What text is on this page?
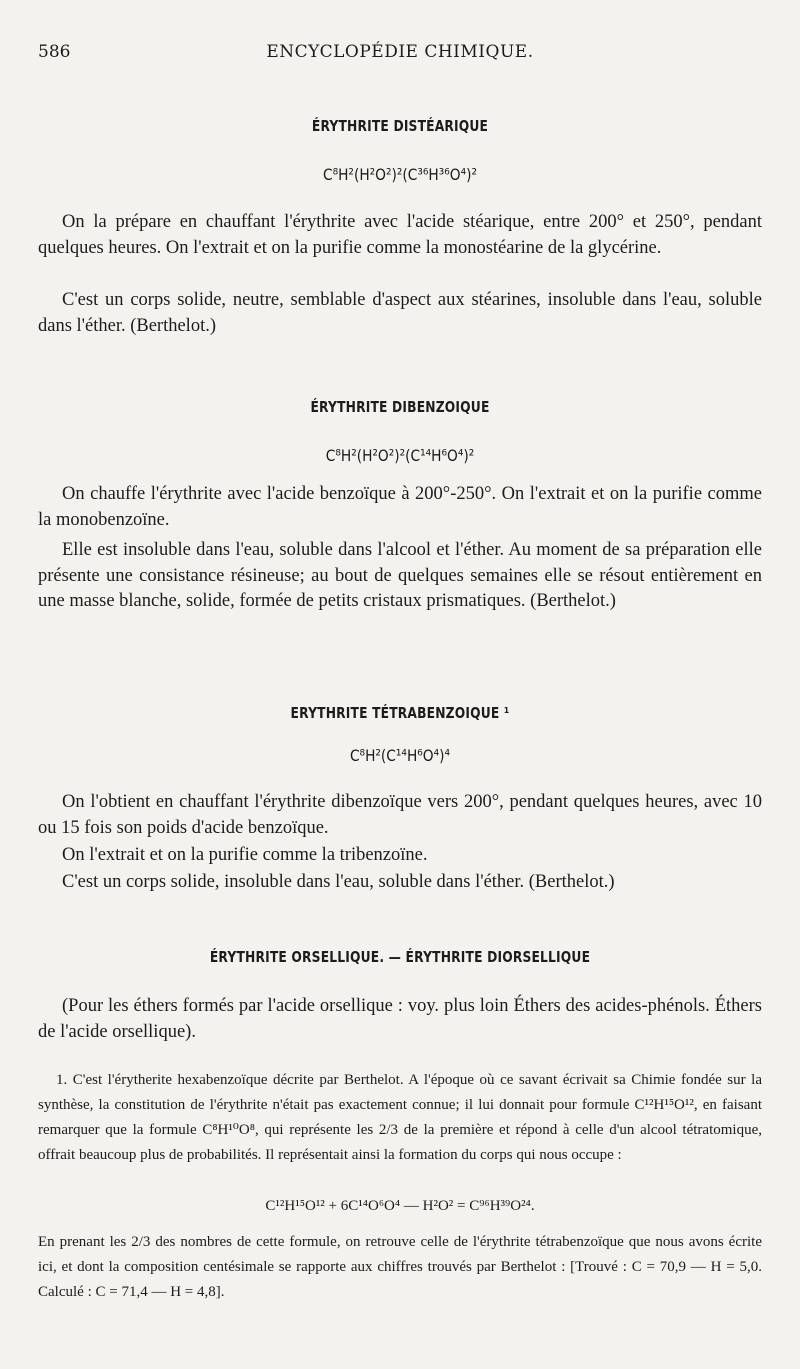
586	ENCYCLOPÉDIE CHIMIQUE.
ÉRYTHRITE DISTÉARIQUE
C⁸H²(H²O²)²(C³⁶H³⁶O⁴)²

On la prépare en chauffant l'érythrite avec l'acide stéarique, entre 200° et 250°, pendant quelques heures. On l'extrait et on la purifie comme la monostéarine de la glycérine.

C'est un corps solide, neutre, semblable d'aspect aux stéarines, insoluble dans l'eau, soluble dans l'éther. (Berthelot.)

ÉRYTHRITE DIBENZOIQUE
C⁸H²(H²O²)²(C¹⁴H⁶O⁴)²

On chauffe l'érythrite avec l'acide benzoïque à 200°-250°. On l'extrait et on la purifie comme la monobenzoïne.

Elle est insoluble dans l'eau, soluble dans l'alcool et l'éther. Au moment de sa préparation elle présente une consistance résineuse; au bout de quelques semaines elle se résout entièrement en une masse blanche, solide, formée de petits cristaux prismatiques. (Berthelot.)

ERYTHRITE TÉTRABENZOIQUE ¹
C⁸H²(C¹⁴H⁶O⁴)⁴

On l'obtient en chauffant l'érythrite dibenzoïque vers 200°, pendant quelques heures, avec 10 ou 15 fois son poids d'acide benzoïque.

On l'extrait et on la purifie comme la tribenzoïne.

C'est un corps solide, insoluble dans l'eau, soluble dans l'éther. (Berthelot.)

ÉRYTHRITE ORSELLIQUE. — ÉRYTHRITE DIORSELLIQUE

(Pour les éthers formés par l'acide orsellique : voy. plus loin Éthers des acides-phénols. Éthers de l'acide orsellique).

1. C'est l'érytherite hexabenzoïque décrite par Berthelot. A l'époque où ce savant écrivait sa Chimie fondée sur la synthèse, la constitution de l'érythrite n'était pas exactement connue; il lui donnait pour formule C¹²H¹⁵O¹², en faisant remarquer que la formule C⁸H¹⁰O⁸, qui représente les 2/3 de la première et répond à celle d'un alcool tétratomique, offrait beaucoup plus de probabilités. Il représentait ainsi la formation du corps qui nous occupe :

C¹²H¹⁵O¹² + 6C¹⁴O⁶O⁴ — H²O² = C⁹⁶H³⁹O²⁴.

En prenant les 2/3 des nombres de cette formule, on retrouve celle de l'érythrite tétrabenzoïque que nous avons écrite ici, et dont la composition centésimale se rapporte aux chiffres trouvés par Berthelot : [Trouvé : C = 70,9 — H = 5,0. Calculé : C = 71,4 — H = 4,8].
